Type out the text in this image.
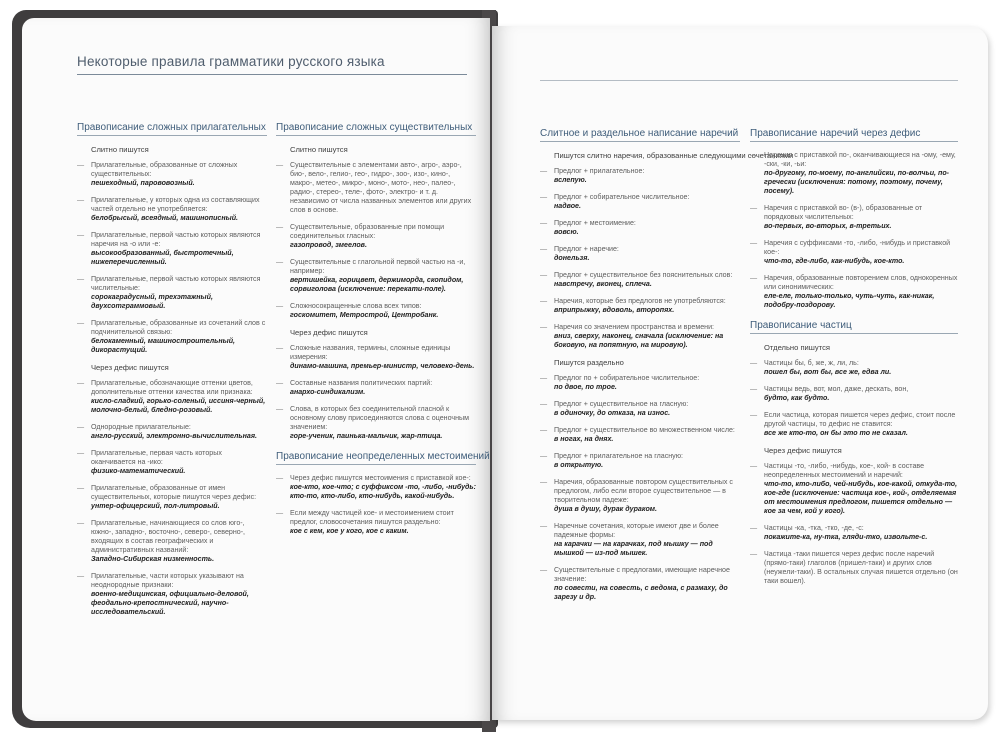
Некоторые правила грамматики русского языка
Правописание сложных прилагательных
Слитно пишутся
— Прилагательные, образованные от сложных существительных:
пешеходный, парововозный.
— Прилагательные, у которых одна из составляющих частей отдельно не употребляется:
белобрысый, всеядный, машинописный.
— Прилагательные, первой частью которых являются наречия на -о или -е:
высокообразованный, быстротечный, нижеперечисленный.
— Прилагательные, первой частью которых являются числительные:
сорокаградусный, трехэтажный, двухсотграммовый.
— Прилагательные, образованные из сочетаний слов с подчинительной связью:
белокаменный, машиностроительный, дикорастущий.
Через дефис пишутся
— Прилагательные, обозначающие оттенки цветов, дополнительные оттенки качества или признака:
кисло-сладкий, горько-соленый, иссиня-черный, молочно-белый, бледно-розовый.
— Однородные прилагательные:
англо-русский, электронно-вычислительная.
— Прилагательные, первая часть которых оканчивается на -ико:
физико-математический.
— Прилагательные, образованные от имен существительных, которые пишутся через дефис:
унтер-офицерский, пол-литровый.
— Прилагательные, начинающиеся со слов юго-, южно-, западно-, восточно-, северо-, северно-, входящих в состав географических и административных названий:
Западно-Сибирская низменность.
— Прилагательные, части которых указывают на неоднородные признаки:
военно-медицинская, официально-деловой, феодально-крепостнический, научно-исследовательский.
Правописание сложных существительных
Слитно пишутся
— Существительные с элементами авто-, агро-, аэро-, био-, вело-, гелио-, гео-, гидро-, зоо-, изо-, кино-, макро-, метео-, микро-, моно-, мото-, нео-, палео-, радио-, стерео-, теле-, фото-, электро- и т. д. независимо от числа названных элементов или других слов в основе.
— Существительные, образованные при помощи соединительных гласных:
газопровод, змеелов.
— Существительные с глагольной первой частью на -и, например:
вертишейка, горицвет, держиморда, скопидом, сорвиголова (исключение: перекати-поле).
— Сложносокращенные слова всех типов:
госкомитет, Метрострой, Центробанк.
Через дефис пишутся
— Сложные названия, термины, сложные единицы измерения:
динамо-машина, премьер-министр, человеко-день.
— Составные названия политических партий:
анархо-синдикализм.
— Слова, в которых без соединительной гласной к основному слову присоединяются слова с оценочным значением:
горе-ученик, паинька-мальчик, жар-птица.
Правописание неопределенных местоимений
— Через дефис пишутся местоимения с приставкой кое-:
кое-кто, кое-что; с суффиксом -то, -либо, -нибудь: кто-то, кто-либо, кто-нибудь, какой-нибудь.
— Если между частицей кое- и местоимением стоит предлог, словосочетания пишутся раздельно:
кое с кем, кое у кого, кое с каким.
Слитное и раздельное написание наречий
Пишутся слитно наречия, образованные следующими сочетаниями
— Предлог + прилагательное:
вслепую.
— Предлог + собирательное числительное:
надвое.
— Предлог + местоимение:
вовсю.
— Предлог + наречие:
донельзя.
— Предлог + существительное без пояснительных слов:
навстречу, вконец, сплеча.
— Наречия, которые без предлогов не употребляются:
вприпрыжку, вдоволь, второпях.
— Наречия со значением пространства и времени:
вниз, сверху, наконец, сначала (исключение: на боковую, на попятную, на мировую).
Пишутся раздельно
— Предлог по + собирательное числительное:
по двое, по трое.
— Предлог + существительное на гласную:
в одиночку, до отказа, на износ.
— Предлог + существительное во множественном числе:
в ногах, на днях.
— Предлог + прилагательное на гласную:
в открытую.
— Наречия, образованные повтором существительных с предлогом, либо если второе существительное — в творительном падеже:
душа в душу, дурак дураком.
— Наречные сочетания, которые имеют две и более падежные формы:
на карачки — на карачках, под мышку — под мышкой — из-под мышек.
— Существительные с предлогами, имеющие наречное значение:
по совести, на совесть, с ведома, с размаху, до зарезу и др.
Правописание наречий через дефис
— Наречия с приставкой по-, оканчивающиеся на -ому, -ему, -ски, -ки, -ьи:
по-другому, по-моему, по-английски, по-волчьи, по-гречески (исключения: потому, поэтому, почему, посему).
— Наречия с приставкой во- (в-), образованные от порядковых числительных:
во-первых, во-вторых, в-третьих.
— Наречия с суффиксами -то, -либо, -нибудь и приставкой кое-:
что-то, где-либо, как-нибудь, кое-кто.
— Наречия, образованные повторением слов, однокоренных или синонимических:
еле-еле, только-только, чуть-чуть, как-никак, подобру-поздорову.
Правописание частиц
Отдельно пишутся
— Частицы бы, б, же, ж, ли, ль:
пошел бы, вот бы, все же, едва ли.
— Частицы ведь, вот, мол, даже, дескать, вон,
будто, как будто.
— Если частица, которая пишется через дефис, стоит после другой частицы, то дефис не ставится:
все же кто-то, он бы это то не сказал.
Через дефис пишутся
— Частицы -то, -либо, -нибудь, кое-, кой- в составе неопределенных местоимений и наречий:
что-то, кто-либо, чей-нибудь, кое-какой, откуда-то, кое-где (исключение: частица кое-, кой-, отделяемая от местоимения предлогом, пишется отдельно — кое за чем, кой у кого).
— Частицы -ка, -тка, -тко, -де, -с:
покажите-ка, ну-тка, гляди-тко, извольте-с.
— Частица -таки пишется через дефис после наречий (прямо-таки) глаголов (пришел-таки) и других слов (неужели-таки). В остальных случая пишется отдельно (он таки вошел).
